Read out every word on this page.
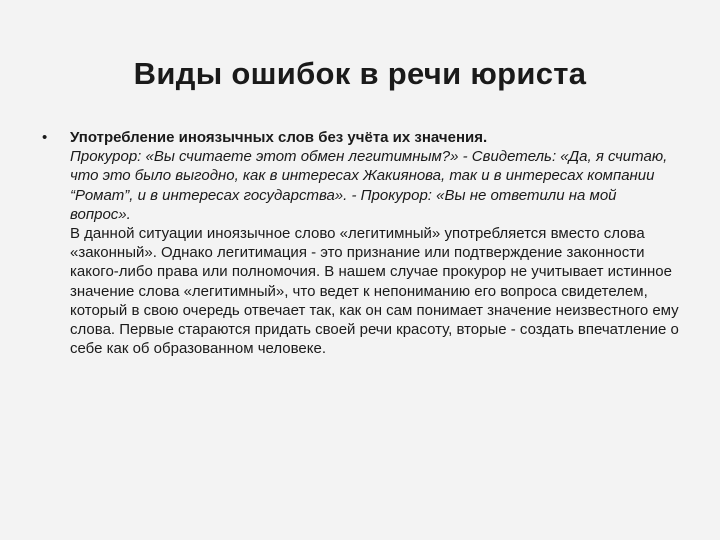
Виды ошибок в речи юриста
• Употребление иноязычных слов без учёта их значения.

Прокурор: «Вы считаете этот обмен легитимным?» - Свидетель: «Да, я считаю, что это было выгодно, как в интересах Жакиянова, так и в интересах компании “Ромат”, и в интересах государства». - Прокурор: «Вы не ответили на мой вопрос».

В данной ситуации иноязычное слово «легитимный» употребляется вместо слова «законный». Однако легитимация - это признание или подтверждение законности какого-либо права или полномочия. В нашем случае прокурор не учитывает истинное значение слова «легитимный», что ведет к непониманию его вопроса свидетелем, который в свою очередь отвечает так, как он сам понимает значение неизвестного ему слова. Первые стараются придать своей речи красоту, вторые - создать впечатление о себе как об образованном человеке.
